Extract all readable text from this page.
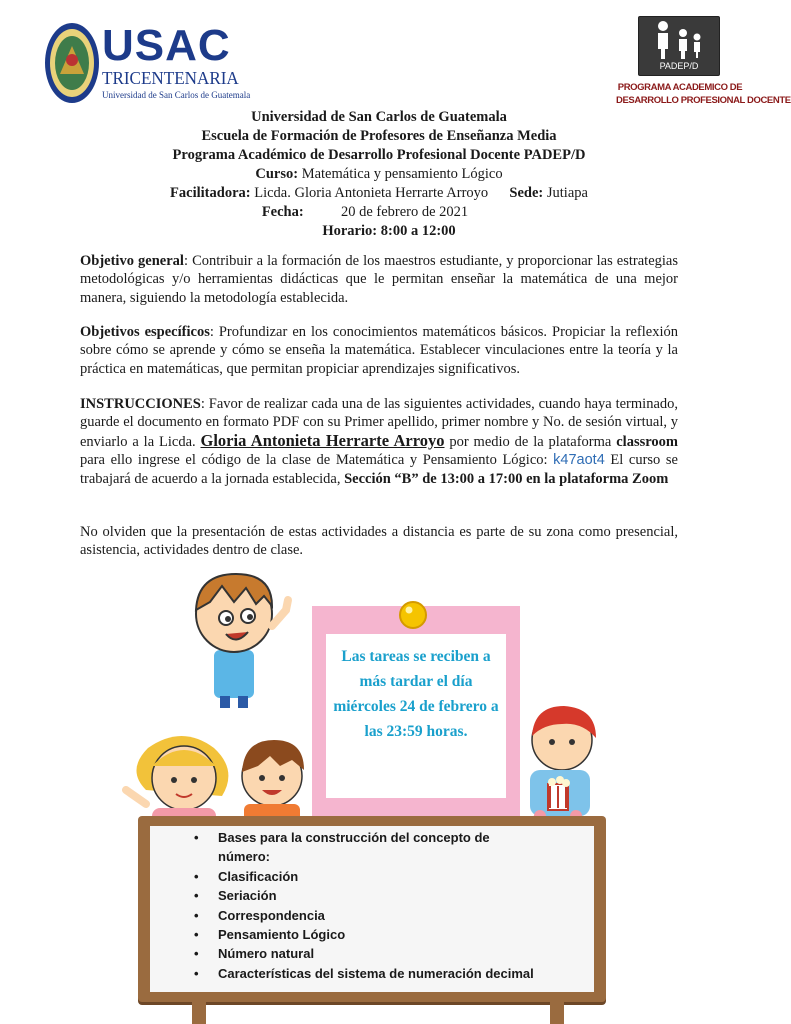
USAC
TRICENTENARIA
Universidad de San Carlos de Guatemala
PADEP/D
PROGRAMA ACADEMICO DE
DESARROLLO PROFESIONAL DOCENTE
Universidad de San Carlos de Guatemala
Escuela de Formación de Profesores de Enseñanza Media
Programa Académico de Desarrollo Profesional Docente PADEP/D
Curso: Matemática y pensamiento Lógico
Facilitadora: Licda. Gloria Antonieta Herrarte Arroyo Sede: Jutiapa
Fecha:	20 de febrero de 2021
Horario: 8:00 a 12:00
Objetivo general: Contribuir a la formación de los maestros estudiante, y proporcionar las estrategias metodológicas y/o herramientas didácticas que le permitan enseñar la matemática de una mejor manera, siguiendo la metodología establecida.
Objetivos específicos: Profundizar en los conocimientos matemáticos básicos. Propiciar la reflexión sobre cómo se aprende y cómo se enseña la matemática. Establecer vinculaciones entre la teoría y la práctica en matemáticas, que permitan propiciar aprendizajes significativos.
INSTRUCCIONES: Favor de realizar cada una de las siguientes actividades, cuando haya terminado, guarde el documento en formato PDF con su Primer apellido, primer nombre y No. de sesión virtual, y enviarlo a la Licda. Gloria Antonieta Herrarte Arroyo por medio de la plataforma classroom para ello ingrese el código de la clase de Matemática y Pensamiento Lógico: k47aot4 El curso se trabajará de acuerdo a la jornada establecida, Sección “B” de 13:00 a 17:00 en la plataforma Zoom
No olviden que la presentación de estas actividades a distancia es parte de su zona como presencial, asistencia, actividades dentro de clase.
Las tareas se reciben a más tardar el día miércoles 24 de febrero a las 23:59 horas.
• Bases para la construcción del concepto de número:
• Clasificación
• Seriación
• Correspondencia
• Pensamiento Lógico
• Número natural
• Características del sistema de numeración decimal
